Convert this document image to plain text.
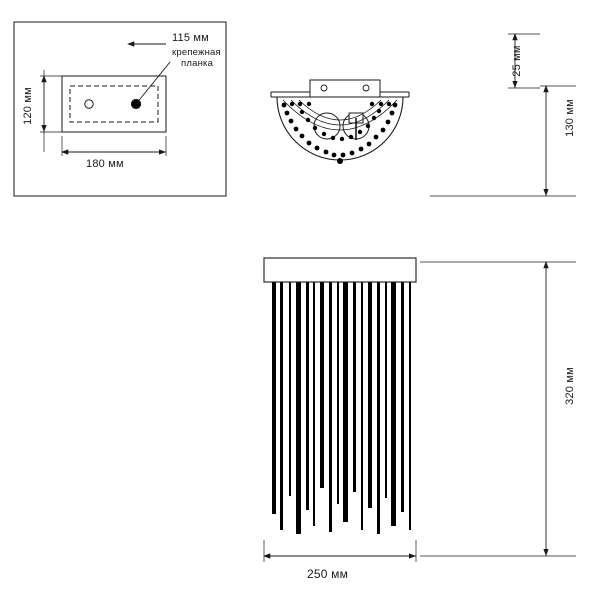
115 мм
крепежная
планка
120 мм
180 мм
25 мм
130 мм
320 мм
250 мм
